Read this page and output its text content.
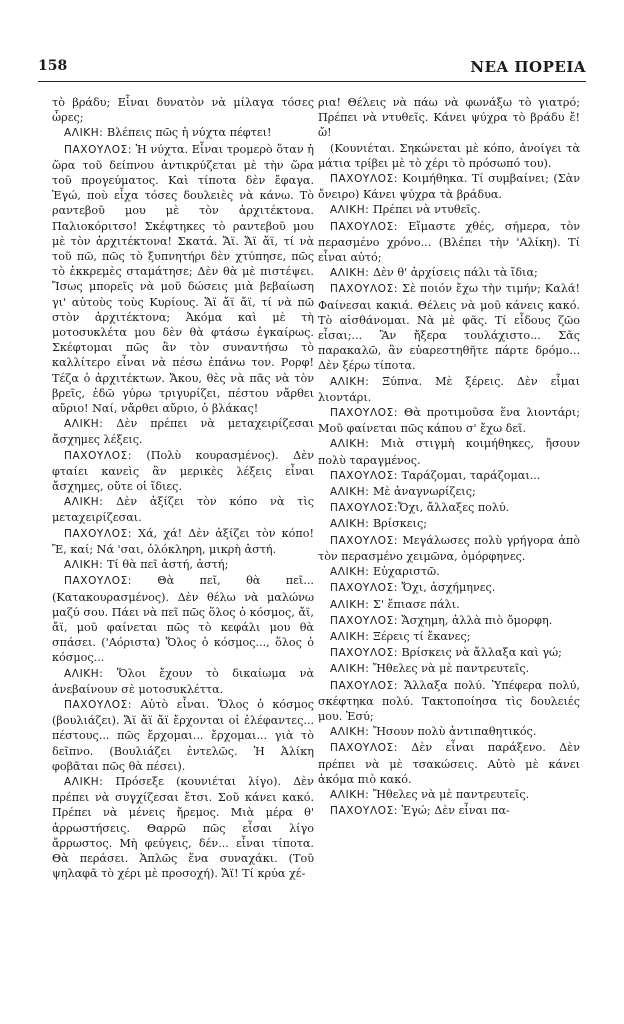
158	ΝΕΑ ΠΟΡΕΙΑ

τὸ βράδυ; Εἶναι δυνατὸν νὰ μίλαγα τόσες ὧρες;

ΑΛΙΚΗ: Βλέπεις πῶς ἡ νύχτα πέφτει!

ΠΑΧΟΥΛΟΣ: Ἡ νύχτα. Εἶναι τρομερὸ ὅταν ἡ ὥρα τοῦ δείπνου ἀντικρύζεται μὲ τὴν ὥρα τοῦ προγεύματος. Καὶ τίποτα δὲν ἔφαγα. Ἐγώ, ποὺ εἶχα τόσες δουλειὲς νὰ κάνω. Τὸ ραντεβοῦ μου μὲ τὸν ἀρχιτέκτονα. Παλιοκόριτσο! Σκέφτηκες τὸ ραντεβοῦ μου μὲ τὸν ἀρχιτέκτονα! Σκατά. Ἄϊ. Ἄϊ ἄϊ, τί νὰ τοῦ πῶ, πῶς τὸ ξυπνητήρι δὲν χτύπησε, πῶς τὸ ἐκκρεμὲς σταμάτησε; Δὲν θὰ μὲ πιστέψει. Ἴσως μπορεῖς νὰ μοῦ δώσεις μιὰ βεβαίωση γι' αὐτοὺς τοὺς Κυρίους. Ἄϊ ἄϊ ἄϊ, τί νὰ πῶ στὸν ἀρχιτέκτονα; Ἀκόμα καὶ μὲ τὴ μοτοσυκλέτα μου δὲν θὰ φτάσω ἐγκαίρως. Σκέφτομαι πῶς ἂν τὸν συναντήσω τὸ καλλίτερο εἶναι νὰ πέσω ἐπάνω τον. Ρορφ! Τέζα ὁ ἀρχιτέκτων. Ἄκου, θὲς νὰ πᾶς νὰ τὸν βρεῖς, ἐδῶ γύρω τριγυρίζει, πέστου νἄρθει αὔριο! Ναί, νἄρθει αὔριο, ὁ βλάκας!

ΑΛΙΚΗ: Δὲν πρέπει νὰ μεταχειρίζεσαι ἄσχημες λέξεις.

ΠΑΧΟΥΛΟΣ: (Πολὺ κουρασμένος). Δὲν φταίει κανεὶς ἂν μερικὲς λέξεις εἶναι ἄσχημες, οὔτε οἱ ἴδιες.

ΑΛΙΚΗ: Δὲν ἀξίζει τὸν κόπο νὰ τὶς μεταχειρίζεσαι.

ΠΑΧΟΥΛΟΣ: Χά, χά! Δὲν ἀξίζει τὸν κόπο! Ἔ, καί; Νά 'σαι, ὁλόκληρη, μικρὴ ἀστή.

ΑΛΙΚΗ: Τί θὰ πεῖ ἀστή, ἀστή;

ΠΑΧΟΥΛΟΣ: Θὰ πεῖ, θὰ πεῖ... (Κατακουρασμένος). Δὲν θέλω νὰ μαλώνω μαζύ σου. Πάει νὰ πεῖ πῶς ὅλος ὁ κόσμος, ἄϊ, ἄϊ, μοῦ φαίνεται πῶς τὸ κεφάλι μου θὰ σπάσει. ('Αόριστα) Ὅλος ὁ κόσμος..., ὅλος ὁ κόσμος...

ΑΛΙΚΗ: Ὅλοι ἔχουν τὸ δικαίωμα νὰ ἀνεβαίνουν σὲ μοτοσυκλέττα.

ΠΑΧΟΥΛΟΣ: Αὐτὸ εἶναι. Ὅλος ὁ κόσμος (βουλιάζει). Ἄϊ ἄϊ ἄϊ ἔρχονται οἱ ἐλέφαντες... πέστους... πῶς ἔρχομαι... ἔρχομαι... γιὰ τὸ δεῖπνο. (Βουλιάζει ἐντελῶς. Ἡ Ἀλίκη φοβᾶται πῶς θὰ πέσει).

ΑΛΙΚΗ: Πρόσεξε (κουνιέται λίγο). Δὲν πρέπει νὰ συγχίζεσαι ἔτσι. Σοῦ κάνει κακό. Πρέπει νὰ μένεις ἤρεμος. Μιὰ μέρα θ' ἀρρωστήσεις. Θαρρῶ πῶς εἶσαι λίγο ἄρρωστος. Μὴ φεύγεις, δέν... εἶναι τίποτα. Θὰ περάσει. Ἁπλῶς ἕνα συναχάκι. (Τοῦ ψηλαφᾶ τὸ χέρι μὲ προσοχή). Ἄϊ! Τί κρύα χέ-

ρια! Θέλεις νὰ πάω νὰ φωνάξω τὸ γιατρό; Πρέπει νὰ ντυθεῖς. Κάνει ψύχρα τὸ βράδυ ἔ! ὤ!

(Κουνιέται. Σηκώνεται μὲ κόπο, ἀνοίγει τὰ μάτια τρίβει μὲ τὸ χέρι τὸ πρόσωπό του).

ΠΑΧΟΥΛΟΣ: Κοιμήθηκα. Τί συμβαίνει; (Σὰν ὄνειρο) Κάνει ψύχρα τὰ βράδυα.

ΑΛΙΚΗ: Πρέπει νὰ ντυθεῖς.

ΠΑΧΟΥΛΟΣ: Εἴμαστε χθές, σήμερα, τὸν περασμένο χρόνο... (Βλέπει τὴν 'Αλίκη). Τί εἶναι αὐτό;

ΑΛΙΚΗ: Δὲν θ' ἀρχίσεις πάλι τὰ ἴδια;

ΠΑΧΟΥΛΟΣ: Σὲ ποιόν ἔχω τὴν τιμήν; Καλά! Φαίνεσαι κακιά. Θέλεις νὰ μοῦ κάνεις κακό. Τὸ αἰσθάνομαι. Νὰ μὲ φᾶς. Τί εἶδους ζῶο εἶσαι;... Ἂν ἤξερα τουλάχιστο... Σᾶς παρακαλῶ, ἂν εὐαρεστηθῆτε πάρτε δρόμο... Δὲν ξέρω τίποτα.

ΑΛΙΚΗ: Ξύπνα. Μὲ ξέρεις. Δὲν εἶμαι λιοντάρι.

ΠΑΧΟΥΛΟΣ: Θὰ προτιμοῦσα ἕνα λιοντάρι; Μοῦ φαίνεται πῶς κάπου σ' ἔχω δεῖ.

ΑΛΙΚΗ: Μιὰ στιγμὴ κοιμήθηκες, ἤσουν πολὺ ταραγμένος.

ΠΑΧΟΥΛΟΣ: Ταράζομαι, ταράζομαι...

ΑΛΙΚΗ: Μὲ ἀναγνωρίζεις;

ΠΑΧΟΥΛΟΣ:Ὄχι, ἄλλαξες πολύ.

ΑΛΙΚΗ: Βρίσκεις;

ΠΑΧΟΥΛΟΣ: Μεγάλωσες πολὺ γρήγορα ἀπὸ τὸν περασμένο χειμῶνα, ὀμόρφηνες.

ΑΛΙΚΗ: Εὐχαριστῶ.

ΠΑΧΟΥΛΟΣ: Ὄχι, ἀσχήμηνες.

ΑΛΙΚΗ: Σ' ἔπιασε πάλι.

ΠΑΧΟΥΛΟΣ: Ἄσχημη, ἀλλὰ πιὸ ὄμορφη.

ΑΛΙΚΗ: Ξέρεις τί ἔκανες;

ΠΑΧΟΥΛΟΣ: Βρίσκεις νὰ ἄλλαξα καὶ γώ;

ΑΛΙΚΗ: Ἤθελες νὰ μὲ παντρευτεῖς.

ΠΑΧΟΥΛΟΣ: Ἄλλαξα πολύ. Ὑπέφερα πολύ, σκέφτηκα πολύ. Τακτοποίησα τὶς δουλειές μου. Ἐσύ;

ΑΛΙΚΗ: Ἤσουν πολὺ ἀντιπαθητικός.

ΠΑΧΟΥΛΟΣ: Δὲν εἶναι παράξενο. Δὲν πρέπει νὰ μὲ τσακώσεις. Αὐτὸ μὲ κάνει ἀκόμα πιὸ κακό.

ΑΛΙΚΗ: Ἤθελες νὰ μὲ παντρευτεῖς.

ΠΑΧΟΥΛΟΣ: Ἐγώ; Δὲν εἶναι πα-
